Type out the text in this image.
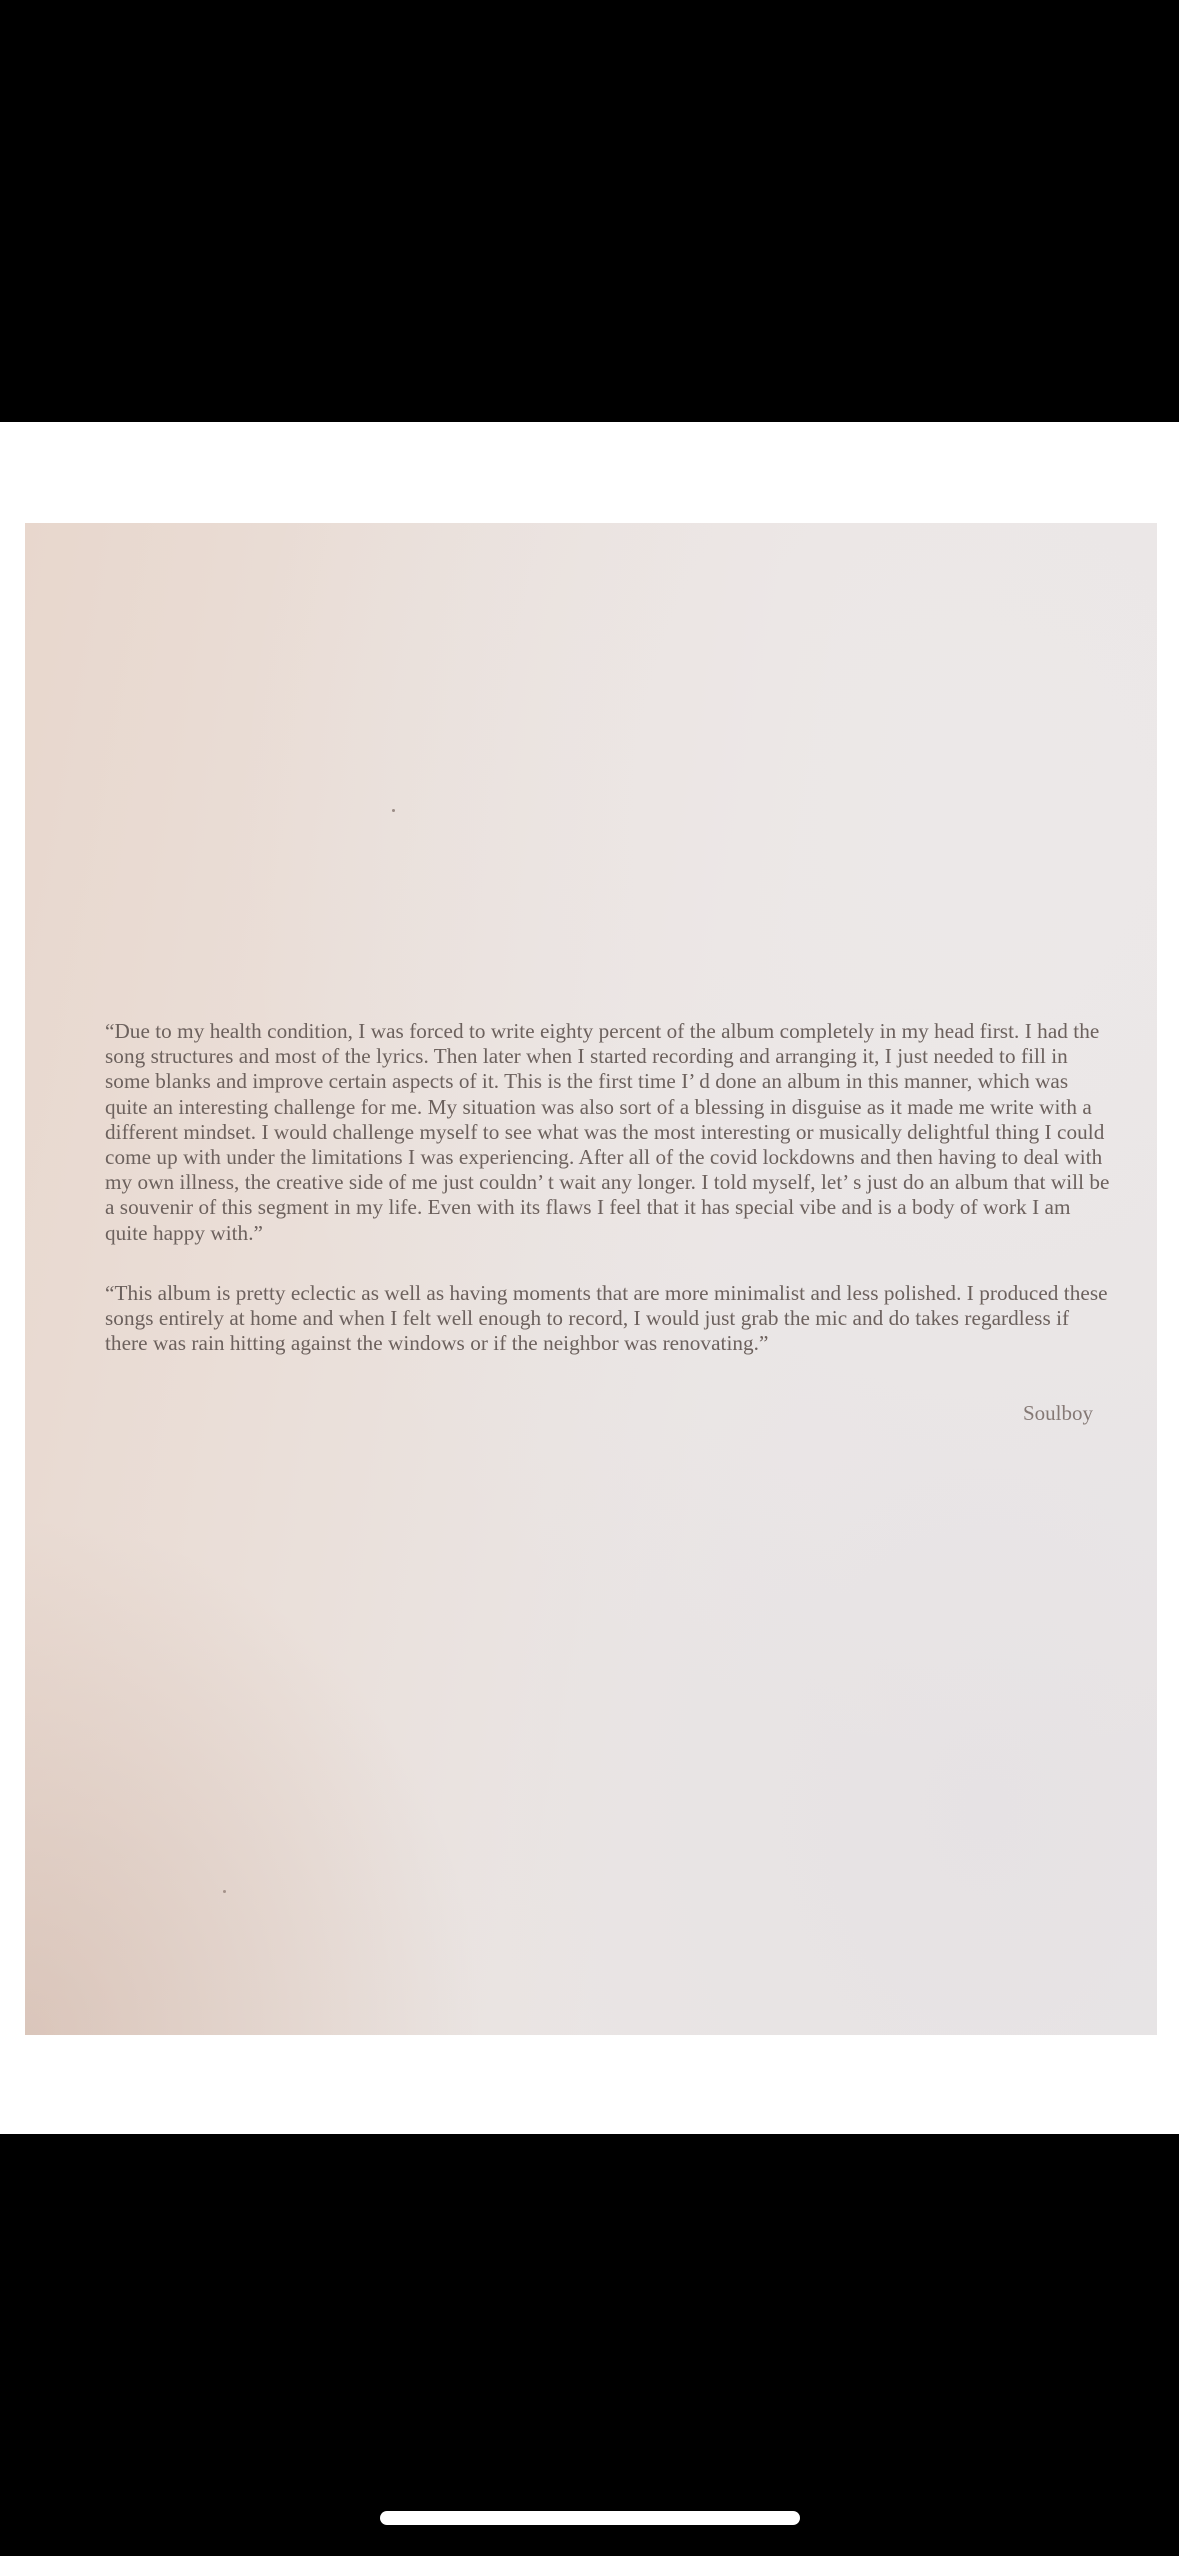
“Due to my health condition, I was forced to write eighty percent of the album completely in my head first. I had the song structures and most of the lyrics. Then later when I started recording and arranging it, I just needed to fill in some blanks and improve certain aspects of it. This is the first time I’ d done an album in this manner, which was quite an interesting challenge for me. My situation was also sort of a blessing in disguise as it made me write with a different mindset. I would challenge myself to see what was the most interesting or musically delightful thing I could come up with under the limitations I was experiencing. After all of the covid lockdowns and then having to deal with my own illness, the creative side of me just couldn’ t wait any longer. I told myself, let’ s just do an album that will be a souvenir of this segment in my life. Even with its flaws I feel that it has special vibe and is a body of work I am quite happy with.”

“This album is pretty eclectic as well as having moments that are more minimalist and less polished. I produced these songs entirely at home and when I felt well enough to record, I would just grab the mic and do takes regardless if there was rain hitting against the windows or if the neighbor was renovating.”

Soulboy
